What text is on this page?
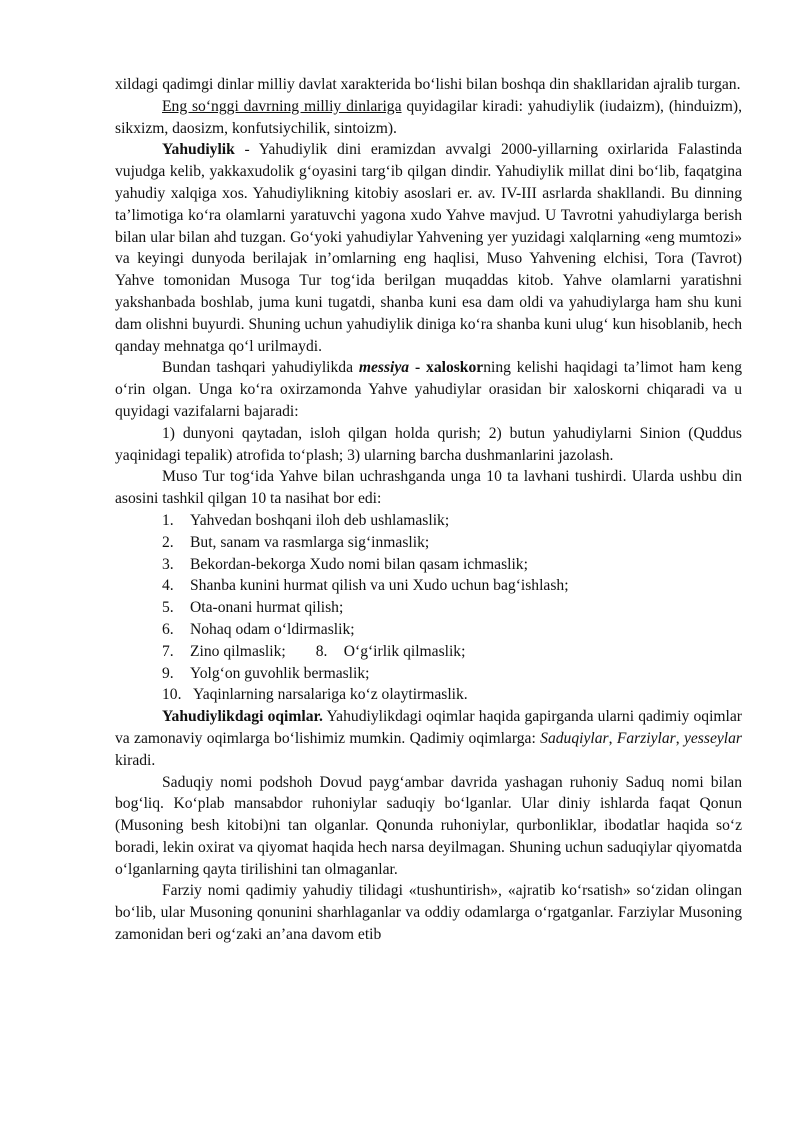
xildagi qadimgi dinlar milliy davlat xarakterida bo‘lishi bilan boshqa din shakllaridan ajralib turgan.

Eng so‘nggi davrning milliy dinlariga quyidagilar kiradi: yahudiylik (iudaizm), (hinduizm), sikxizm, daosizm, konfutsiychilik, sintoizm).

Yahudiylik - Yahudiylik dini eramizdan avvalgi 2000-yillarning oxirlarida Falastinda vujudga kelib, yakkaxudolik g‘oyasini targ‘ib qilgan dindir. Yahudiylik millat dini bo‘lib, faqatgina yahudiy xalqiga xos. Yahudiylikning kitobiy asoslari er. av. IV-III asrlarda shakllandi. Bu dinning ta’limotiga ko‘ra olamlarni yaratuvchi yagona xudo Yahve mavjud. U Tavrotni yahudiylarga berish bilan ular bilan ahd tuzgan. Go‘yoki yahudiylar Yahvening yer yuzidagi xalqlarning «eng mumtozi» va keyingi dunyoda berilajak in’omlarning eng haqlisi, Muso Yahvening elchisi, Tora (Tavrot) Yahve tomonidan Musoga Tur tog‘ida berilgan muqaddas kitob. Yahve olamlarni yaratishni yakshanbada boshlab, juma kuni tugatdi, shanba kuni esa dam oldi va yahudiylarga ham shu kuni dam olishni buyurdi. Shuning uchun yahudiylik diniga ko‘ra shanba kuni ulug‘ kun hisoblanib, hech qanday mehnatga qo‘l urilmaydi.

Bundan tashqari yahudiylikda messiya - xaloskorning kelishi haqidagi ta’limot ham keng o‘rin olgan. Unga ko‘ra oxirzamonda Yahve yahudiylar orasidan bir xaloskorni chiqaradi va u quyidagi vazifalarni bajaradi:

1) dunyoni qaytadan, isloh qilgan holda qurish; 2) butun yahudiylarni Sinion (Quddus yaqinidagi tepalik) atrofida to‘plash; 3) ularning barcha dushmanlarini jazolash.

Muso Tur tog‘ida Yahve bilan uchrashganda unga 10 ta lavhani tushirdi. Ularda ushbu din asosini tashkil qilgan 10 ta nasihat bor edi:

1.	Yahvedan boshqani iloh deb ushlamaslik;
2.	But, sanam va rasmlarga sig‘inmaslik;
3.	Bekordan-bekorga Xudo nomi bilan qasam ichmaslik;
4.	Shanba kunini hurmat qilish va uni Xudo uchun bag‘ishlash;
5.	Ota-onani hurmat qilish;
6.	Nohaq odam o‘ldirmaslik;
7.	Zino qilmaslik; 8.	O‘g‘irlik qilmaslik;
9.	Yolg‘on guvohlik bermaslik;
10. Yaqinlarning narsalariga ko‘z olaytirmaslik.

Yahudiylikdagi oqimlar. Yahudiylikdagi oqimlar haqida gapirganda ularni qadimiy oqimlar va zamonaviy oqimlarga bo‘lishimiz mumkin. Qadimiy oqimlarga: Saduqiylar, Farziylar, yesseylar kiradi.

Saduqiy nomi podshoh Dovud payg‘ambar davrida yashagan ruhoniy Saduq nomi bilan bog‘liq. Ko‘plab mansabdor ruhoniylar saduqiy bo‘lganlar. Ular diniy ishlarda faqat Qonun (Musoning besh kitobi)ni tan olganlar. Qonunda ruhoniylar, qurbonliklar, ibodatlar haqida so‘z boradi, lekin oxirat va qiyomat haqida hech narsa deyilmagan. Shuning uchun saduqiylar qiyomatda o‘lganlarning qayta tirilishini tan olmaganlar.

Farziy nomi qadimiy yahudiy tilidagi «tushuntirish», «ajratib ko‘rsatish» so‘zidan olingan bo‘lib, ular Musoning qonunini sharhlaganlar va oddiy odamlarga o‘rgatganlar. Farziylar Musoning zamonidan beri og‘zaki an’ana davom etib
